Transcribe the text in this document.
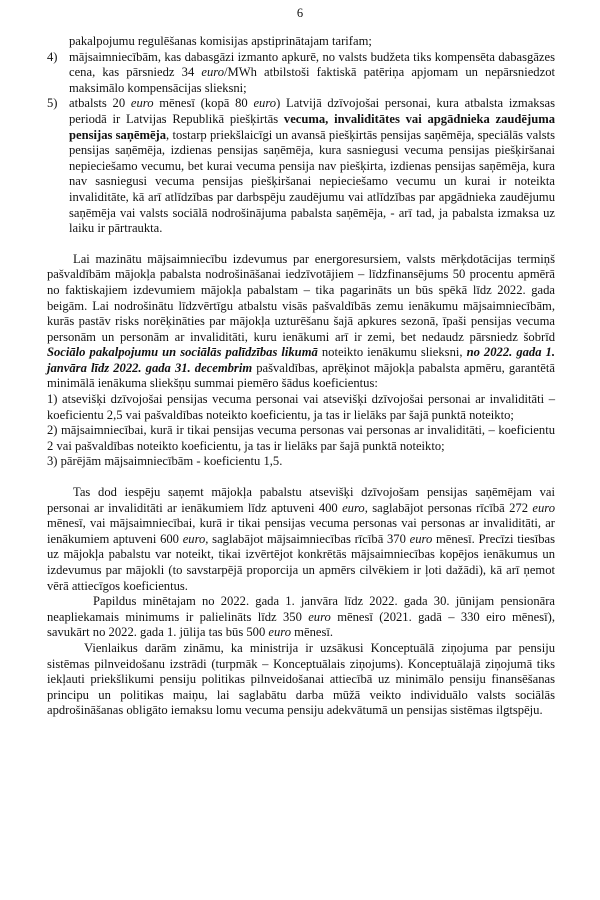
6

pakalpojumu regulēšanas komisijas apstiprinātajam tarifam;

4) mājsaimniecībām, kas dabasgāzi izmanto apkurē, no valsts budžeta tiks kompensēta dabasgāzes cena, kas pārsniedz 34 euro/MWh atbilstoši faktiskā patēriņa apjomam un nepārsniedzot maksimālo kompensācijas slieksni;
5) atbalsts 20 euro mēnesī (kopā 80 euro) Latvijā dzīvojošai personai, kura atbalsta izmaksas periodā ir Latvijas Republikā piešķirtās vecuma, invaliditātes vai apgādnieka zaudējuma pensijas saņēmēja, tostarp priekšlaicīgi un avansā piešķirtās pensijas saņēmēja, speciālās valsts pensijas saņēmēja, izdienas pensijas saņēmēja, kura sasniegusi vecuma pensijas piešķiršanai nepieciešamo vecumu, bet kurai vecuma pensija nav piešķirta, izdienas pensijas saņēmēja, kura nav sasniegusi vecuma pensijas piešķiršanai nepieciešamo vecumu un kurai ir noteikta invaliditāte, kā arī atlīdzības par darbspēju zaudējumu vai atlīdzības par apgādnieka zaudējumu saņēmēja vai valsts sociālā nodrošinājuma pabalsta saņēmēja, - arī tad, ja pabalsta izmaksa uz laiku ir pārtraukta.

Lai mazinātu mājsaimniecību izdevumus par energoresursiem, valsts mērķdotācijas termiņš pašvaldībām mājokļa pabalsta nodrošināšanai iedzīvotājiem – līdzfinansējums 50 procentu apmērā no faktiskajiem izdevumiem mājokļa pabalstam – tika pagarināts un būs spēkā līdz 2022. gada beigām. Lai nodrošinātu līdzvērtīgu atbalstu visās pašvaldībās zemu ienākumu mājsaimniecībām, kurās pastāv risks norēķināties par mājokļa uzturēšanu šajā apkures sezonā, īpaši pensijas vecuma personām un personām ar invaliditāti, kuru ienākumi arī ir zemi, bet nedaudz pārsniedz šobrīd Sociālo pakalpojumu un sociālās palīdzības likumā noteikto ienākumu slieksni, no 2022. gada 1. janvāra līdz 2022. gada 31. decembrim pašvaldības, aprēķinot mājokļa pabalsta apmēru, garantētā minimālā ienākuma sliekšņu summai piemēro šādus koeficientus:

1) atsevišķi dzīvojošai pensijas vecuma personai vai atsevišķi dzīvojošai personai ar invaliditāti – koeficientu 2,5 vai pašvaldības noteikto koeficientu, ja tas ir lielāks par šajā punktā noteikto;

2) mājsaimniecībai, kurā ir tikai pensijas vecuma personas vai personas ar invaliditāti, – koeficientu 2 vai pašvaldības noteikto koeficientu, ja tas ir lielāks par šajā punktā noteikto;

3) pārējām mājsaimniecībām - koeficientu 1,5.

Tas dod iespēju saņemt mājokļa pabalstu atsevišķi dzīvojošam pensijas saņēmējam vai personai ar invaliditāti ar ienākumiem līdz aptuveni 400 euro, saglabājot personas rīcībā 272 euro mēnesī, vai mājsaimniecībai, kurā ir tikai pensijas vecuma personas vai personas ar invaliditāti, ar ienākumiem aptuveni 600 euro, saglabājot mājsaimniecības rīcībā 370 euro mēnesī. Precīzi tiesības uz mājokļa pabalstu var noteikt, tikai izvērtējot konkrētās mājsaimniecības kopējos ienākumus un izdevumus par mājokli (to savstarpējā proporcija un apmērs cilvēkiem ir ļoti dažādi), kā arī ņemot vērā attiecīgos koeficientus.

Papildus minētajam no 2022. gada 1. janvāra līdz 2022. gada 30. jūnijam pensionāra neapliekamais minimums ir palielināts līdz 350 euro mēnesī (2021. gadā – 330 eiro mēnesī), savukārt no 2022. gada 1. jūlija tas būs 500 euro mēnesī.

Vienlaikus darām zināmu, ka ministrija ir uzsākusi Konceptuālā ziņojuma par pensiju sistēmas pilnveidošanu izstrādi (turpmāk – Konceptuālais ziņojums). Konceptuālajā ziņojumā tiks iekļauti priekšlikumi pensiju politikas pilnveidošanai attiecībā uz minimālo pensiju finansēšanas principu un politikas maiņu, lai saglabātu darba mūžā veikto individuālo valsts sociālās apdrošināšanas obligāto iemaksu lomu vecuma pensiju adekvātumā un pensijas sistēmas ilgtspēju.
